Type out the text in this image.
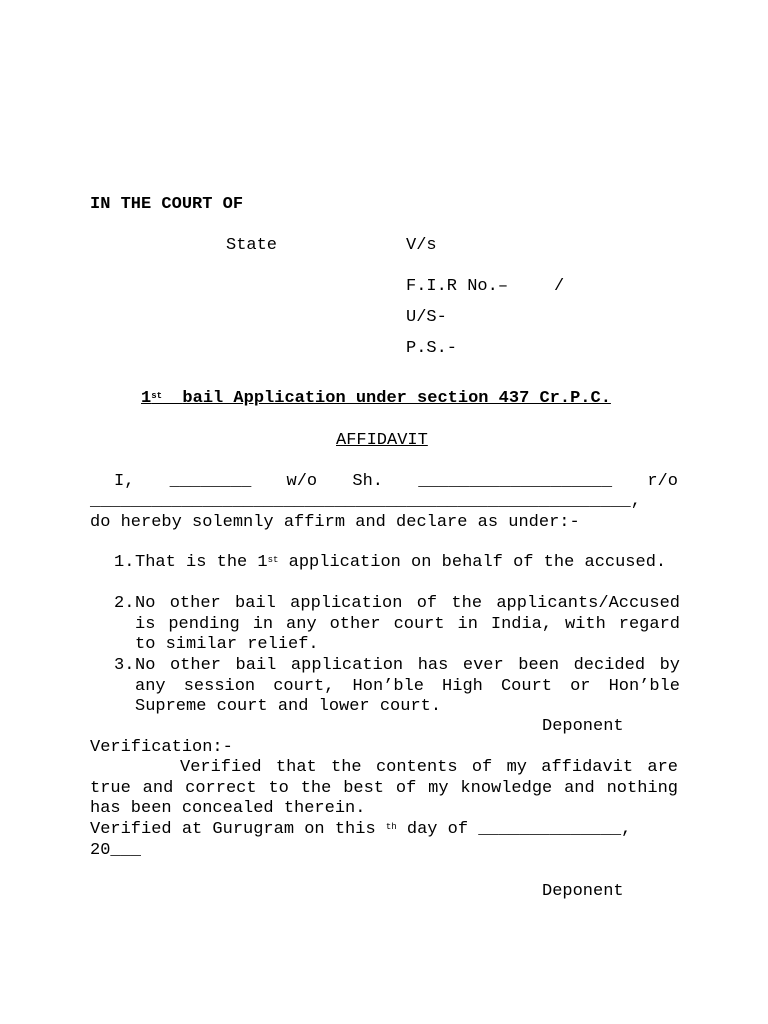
IN THE COURT OF
State	V/s
F.I.R No.–	/
U/S-
P.S.-
1st bail Application under section 437 Cr.P.C.
AFFIDAVIT
I, ________ w/o Sh. ___________________ r/o
_____________________________________________________,
do hereby solemnly affirm and declare as under:-
1. That is the 1st application on behalf of the accused.
2. No other bail application of the applicants/Accused is pending in any other court in India, with regard to similar relief.
3. No other bail application has ever been decided by any session court, Hon’ble High Court or Hon’ble Supreme court and lower court.
Deponent
Verification:-
Verified that the contents of my affidavit are true and correct to the best of my knowledge and nothing has been concealed therein.
Verified at Gurugram on this $^{th}$ day of ______________,
20___
Deponent
